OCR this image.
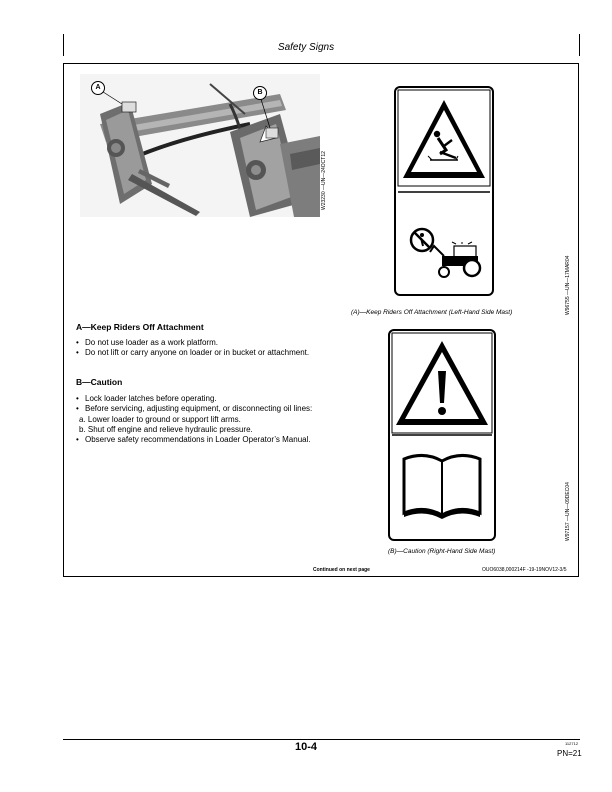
Safety Signs
A
B
W23230 —UN—24OCT12
W96755 —UN—17MAR04
(A)—Keep Riders Off Attachment (Left-Hand Side Mast)
W97157 —UN—09DEC04
(B)—Caution (Right-Hand Side Mast)
A—Keep Riders Off Attachment
• Do not use loader as a work platform.
• Do not lift or carry anyone on loader or in bucket or attachment.
B—Caution
• Lock loader latches before operating.
• Before servicing, adjusting equipment, or disconnecting oil lines:
a. Lower loader to ground or support lift arms.
b. Shut off engine and relieve hydraulic pressure.
• Observe safety recommendations in Loader Operator’s Manual.
Continued on next page	OUO6038,000214F -19-19NOV12-3/5
10-4	112712
PN=21
